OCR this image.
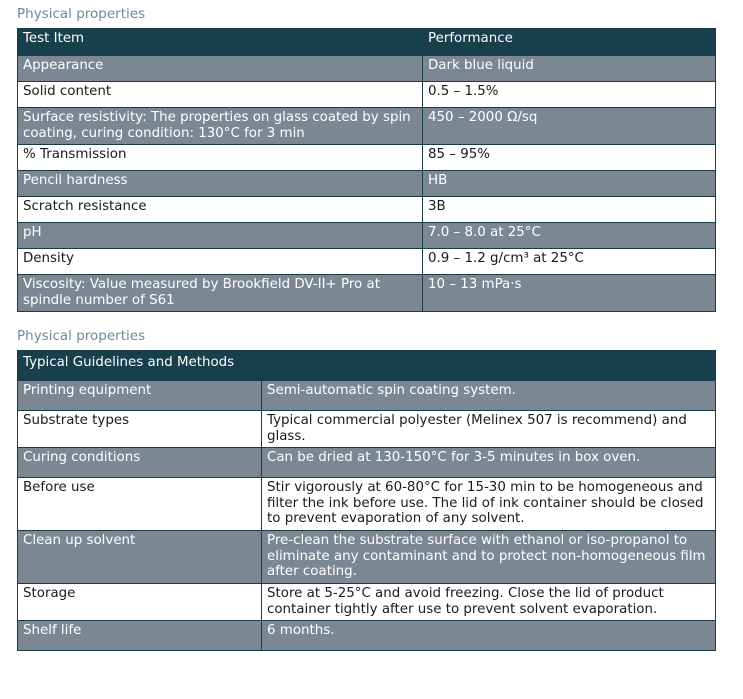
Physical properties
Test Item	Performance
Appearance	Dark blue liquid
Solid content	0.5 – 1.5%
Surface resistivity: The properties on glass coated by spin coating, curing condition: 130°C for 3 min	450 – 2000 Ω/sq
% Transmission	85 – 95%
Pencil hardness	HB
Scratch resistance	3B
pH	7.0 – 8.0 at 25°C
Density	0.9 – 1.2 g/cm³ at 25°C
Viscosity: Value measured by Brookfield DV-II+ Pro at spindle number of S61	10 – 13 mPa·s
Physical properties
Typical Guidelines and Methods	
Printing equipment	Semi-automatic spin coating system.
Substrate types	Typical commercial polyester (Melinex 507 is recommend) and glass.
Curing conditions	Can be dried at 130-150°C for 3-5 minutes in box oven.
Before use	Stir vigorously at 60-80°C for 15-30 min to be homogeneous and filter the ink before use. The lid of ink container should be closed to prevent evaporation of any solvent.
Clean up solvent	Pre-clean the substrate surface with ethanol or iso-propanol to eliminate any contaminant and to protect non-homogeneous film after coating.
Storage	Store at 5-25°C and avoid freezing. Close the lid of product container tightly after use to prevent solvent evaporation.
Shelf life	6 months.
